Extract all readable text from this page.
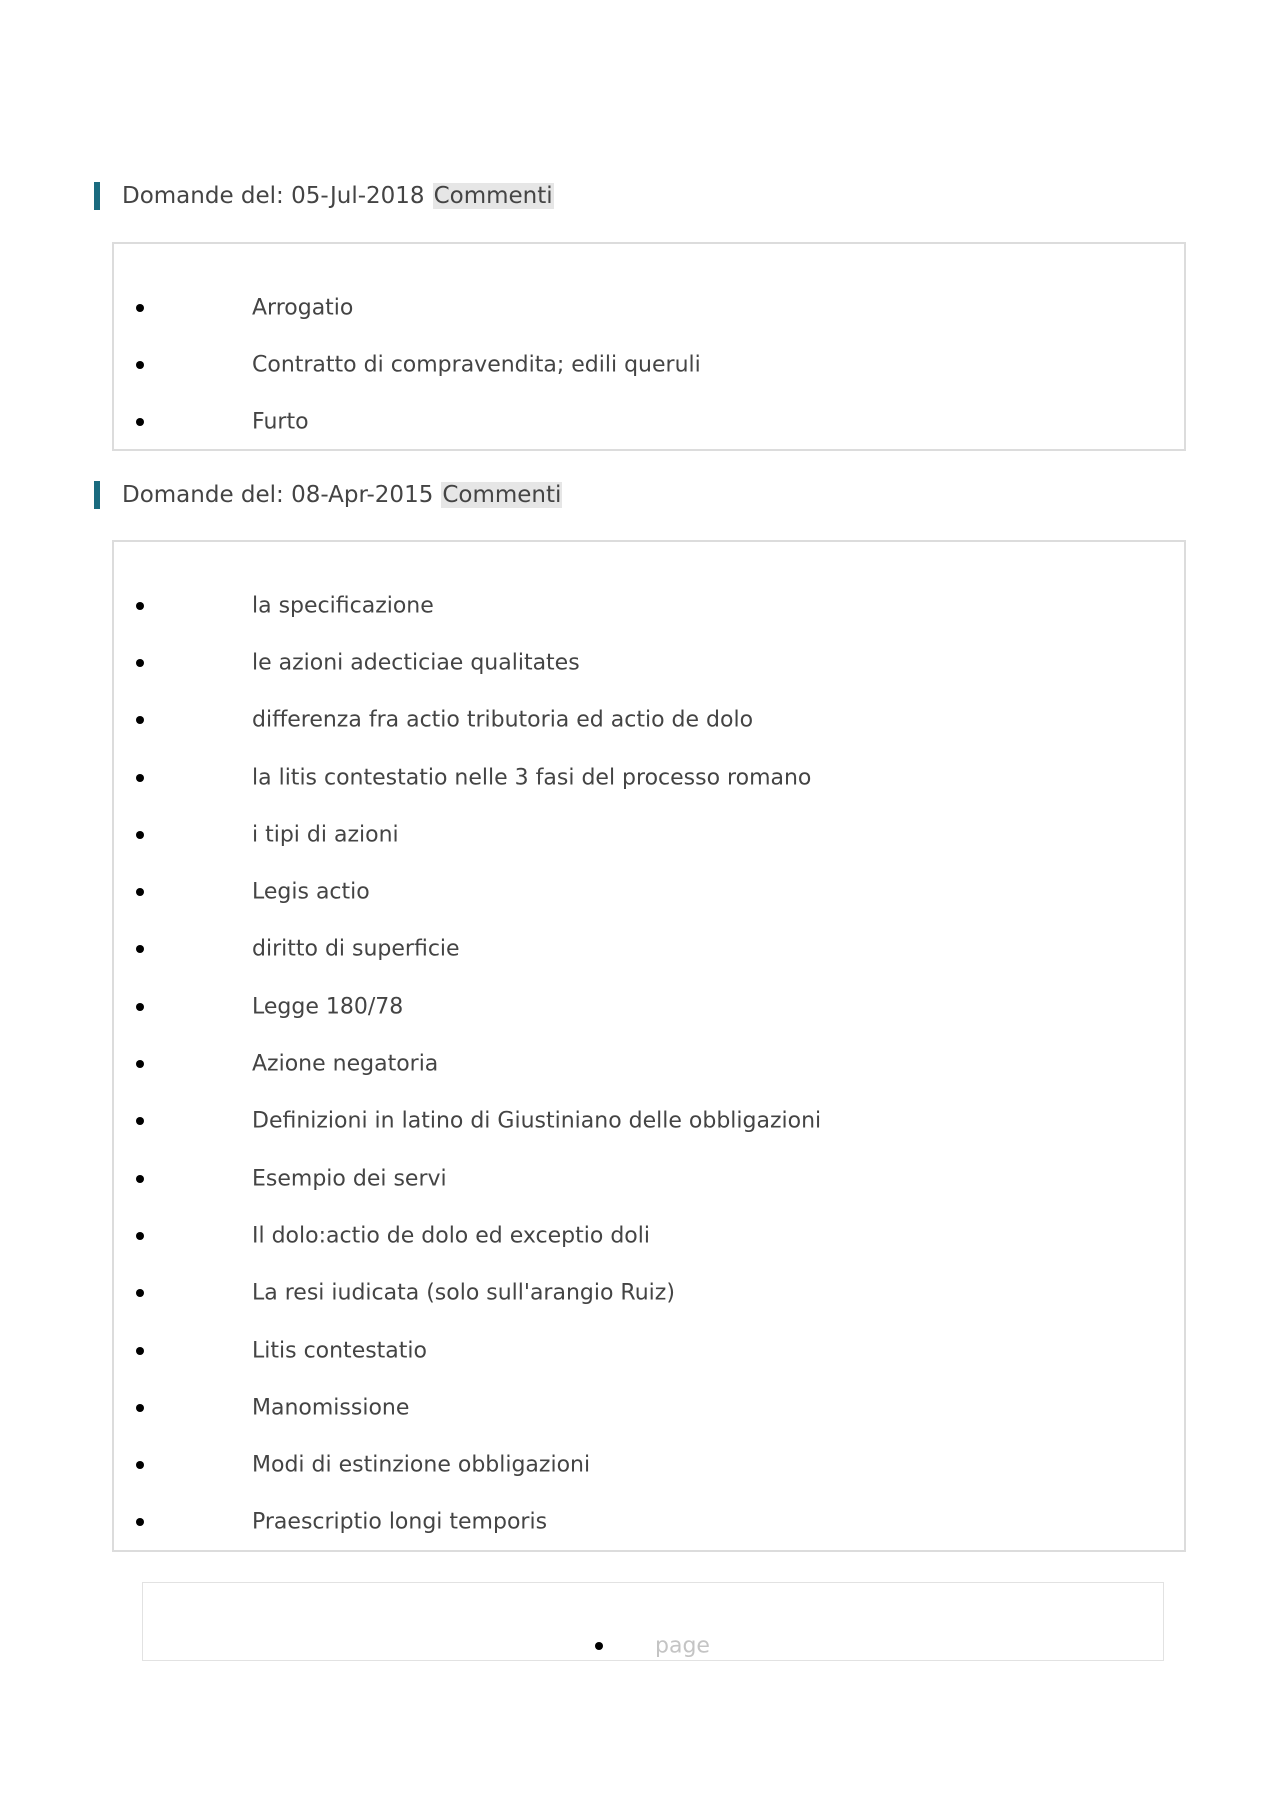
Domande del: 05-Jul-2018 Commenti
Arrogatio
Contratto di compravendita; edili queruli
Furto
Domande del: 08-Apr-2015 Commenti
la specificazione
le azioni adecticiae qualitates
differenza fra actio tributoria ed actio de dolo
la litis contestatio nelle 3 fasi del processo romano
i tipi di azioni
Legis actio
diritto di superficie
Legge 180/78
Azione negatoria
Definizioni in latino di Giustiniano delle obbligazioni
Esempio dei servi
Il dolo:actio de dolo ed exceptio doli
La resi iudicata (solo sull'arangio Ruiz)
Litis contestatio
Manomissione
Modi di estinzione obbligazioni
Praescriptio longi temporis
page
